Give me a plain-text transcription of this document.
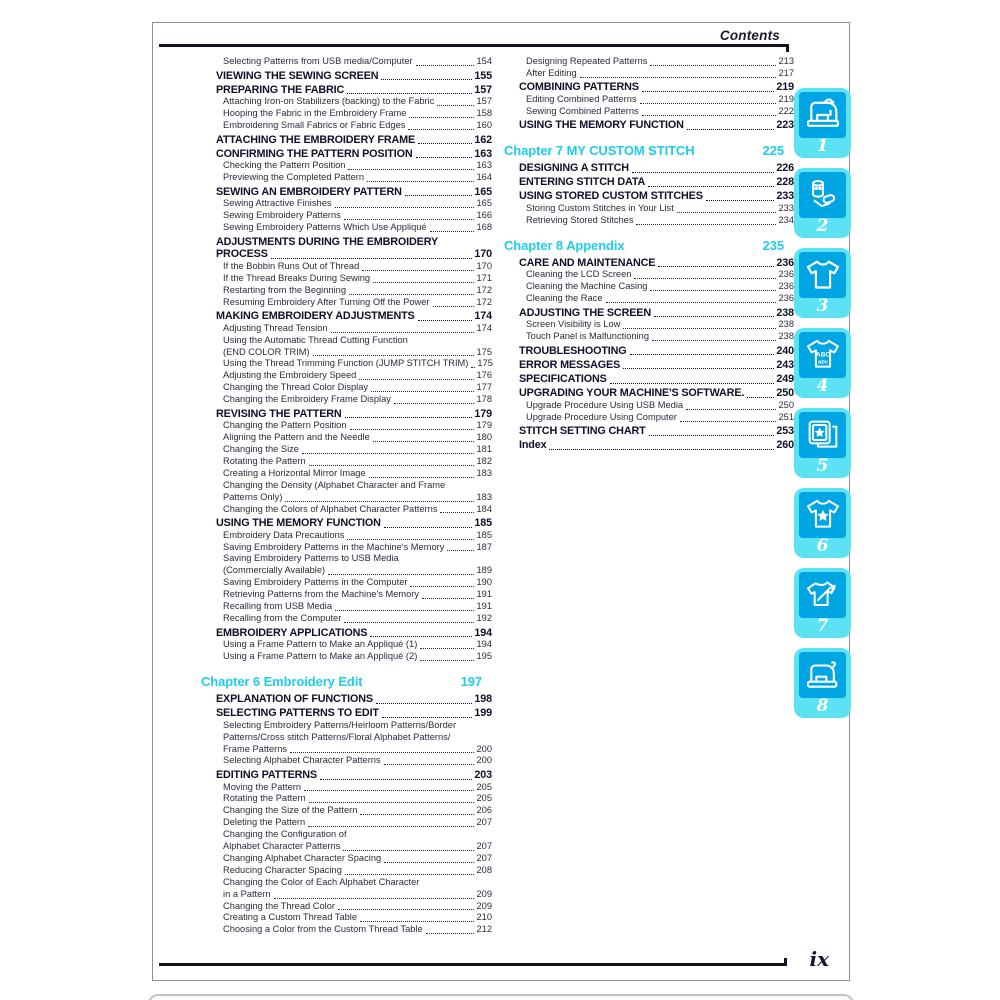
Contents
Selecting Patterns from USB media/Computer	154
VIEWING THE SEWING SCREEN	155
PREPARING THE FABRIC	157
Attaching Iron-on Stabilizers (backing) to the Fabric	157
Hooping the Fabric in the Embroidery Frame	158
Embroidering Small Fabrics or Fabric Edges	160
ATTACHING THE EMBROIDERY FRAME	162
CONFIRMING THE PATTERN POSITION	163
Checking the Pattern Position	163
Previewing the Completed Pattern	164
SEWING AN EMBROIDERY PATTERN	165
Sewing Attractive Finishes	165
Sewing Embroidery Patterns	166
Sewing Embroidery Patterns Which Use Appliqué	168
ADJUSTMENTS DURING THE EMBROIDERY
PROCESS	170
If the Bobbin Runs Out of Thread	170
If the Thread Breaks During Sewing	171
Restarting from the Beginning	172
Resuming Embroidery After Turning Off the Power	172
MAKING EMBROIDERY ADJUSTMENTS	174
Adjusting Thread Tension	174
Using the Automatic Thread Cutting Function
(END COLOR TRIM)	175
Using the Thread Trimming Function (JUMP STITCH TRIM) 175
Adjusting the Embroidery Speed	176
Changing the Thread Color Display	177
Changing the Embroidery Frame Display	178
REVISING THE PATTERN	179
Changing the Pattern Position	179
Aligning the Pattern and the Needle	180
Changing the Size	181
Rotating the Pattern	182
Creating a Horizontal Mirror Image	183
Changing the Density (Alphabet Character and Frame
Patterns Only)	183
Changing the Colors of Alphabet Character Patterns	184
USING THE MEMORY FUNCTION	185
Embroidery Data Precautions	185
Saving Embroidery Patterns in the Machine's Memory	187
Saving Embroidery Patterns to USB Media
(Commercially Available)	189
Saving Embroidery Patterns in the Computer	190
Retrieving Patterns from the Machine's Memory	191
Recalling from USB Media	191
Recalling from the Computer	192
EMBROIDERY APPLICATIONS	194
Using a Frame Pattern to Make an Appliqué (1)	194
Using a Frame Pattern to Make an Appliqué (2)	195
Chapter 6 Embroidery Edit	197
EXPLANATION OF FUNCTIONS	198
SELECTING PATTERNS TO EDIT	199
Selecting Embroidery Patterns/Heirloom Patterns/Border
Patterns/Cross stitch Patterns/Floral Alphabet Patterns/
Frame Patterns	200
Selecting Alphabet Character Patterns	200
EDITING PATTERNS	203
Moving the Pattern	205
Rotating the Pattern	205
Changing the Size of the Pattern	206
Deleting the Pattern	207
Changing the Configuration of
Alphabet Character Patterns	207
Changing Alphabet Character Spacing	207
Reducing Character Spacing	208
Changing the Color of Each Alphabet Character
in a Pattern	209
Changing the Thread Color	209
Creating a Custom Thread Table	210
Choosing a Color from the Custom Thread Table	212
Designing Repeated Patterns	213
After Editing	217
COMBINING PATTERNS	219
Editing Combined Patterns	219
Sewing Combined Patterns	222
USING THE MEMORY FUNCTION	223
Chapter 7 MY CUSTOM STITCH	225
DESIGNING A STITCH	226
ENTERING STITCH DATA	228
USING STORED CUSTOM STITCHES	233
Storing Custom Stitches in Your List	233
Retrieving Stored Stitches	234
Chapter 8 Appendix	235
CARE AND MAINTENANCE	236
Cleaning the LCD Screen	236
Cleaning the Machine Casing	236
Cleaning the Race	236
ADJUSTING THE SCREEN	238
Screen Visibility is Low	238
Touch Panel is Malfunctioning	238
TROUBLESHOOTING	240
ERROR MESSAGES	243
SPECIFICATIONS	249
UPGRADING YOUR MACHINE'S SOFTWARE.	250
Upgrade Procedure Using USB Media	250
Upgrade Procedure Using Computer	251
STITCH SETTING CHART	253
Index	260
ix
1
2
3
4
5
6
7
8
